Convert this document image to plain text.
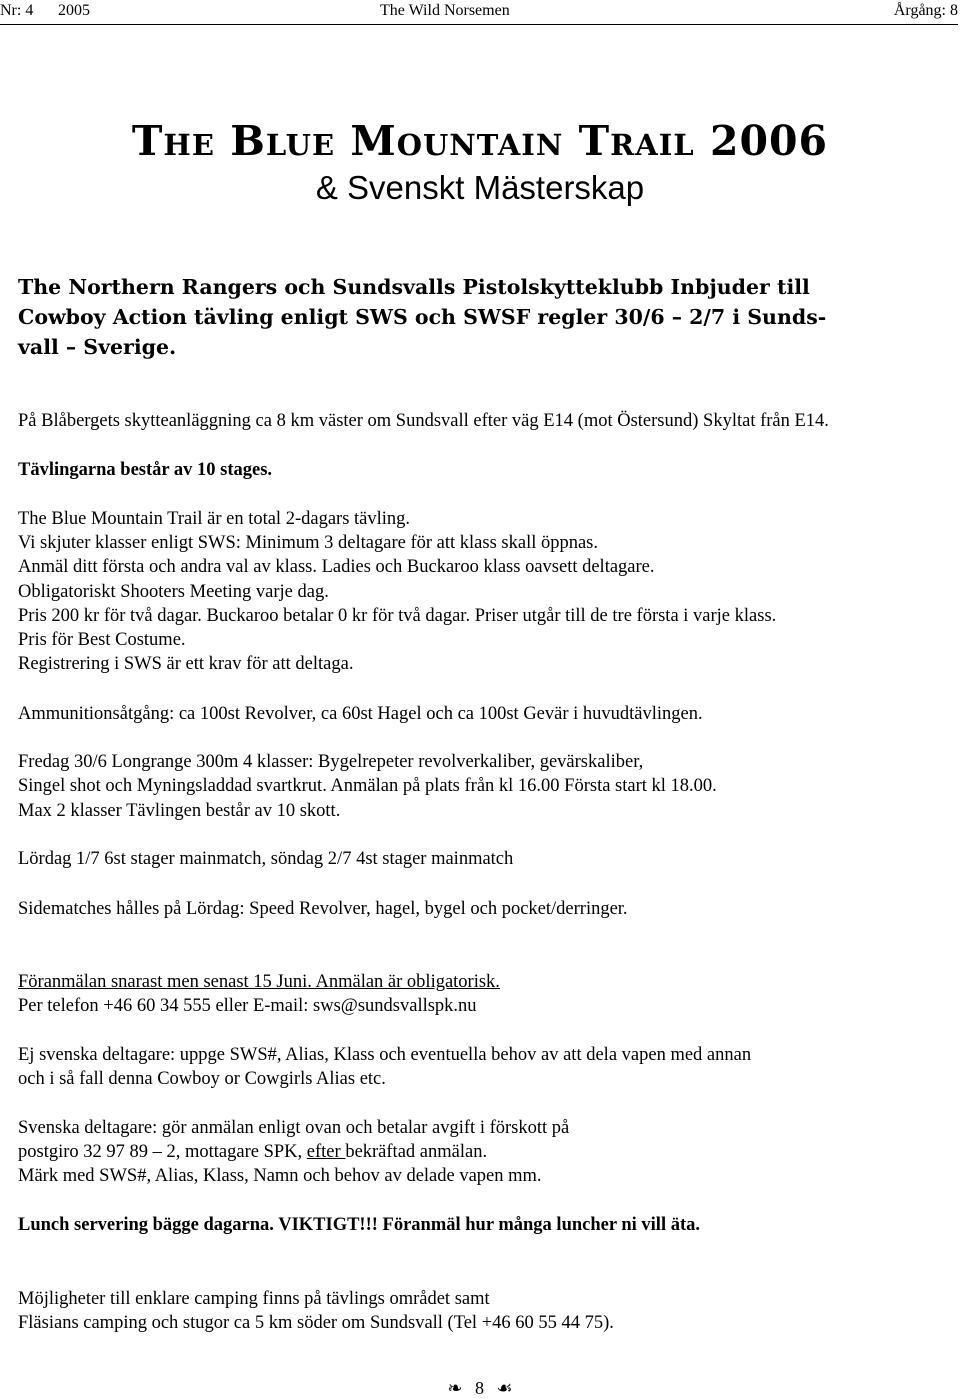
Nr: 4 2005	The Wild Norsemen	Årgång: 8
The Blue Mountain Trail 2006
& Svenskt Mästerskap
The Northern Rangers och Sundsvalls Pistolskytteklubb Inbjuder till
Cowboy Action tävling enligt SWS och SWSF regler 30/6 – 2/7 i Sunds-
vall – Sverige.
På Blåbergets skytteanläggning ca 8 km väster om Sundsvall efter väg E14 (mot Östersund) Skyltat från E14.
Tävlingarna består av 10 stages.
The Blue Mountain Trail är en total 2-dagars tävling.
Vi skjuter klasser enligt SWS: Minimum 3 deltagare för att klass skall öppnas.
Anmäl ditt första och andra val av klass. Ladies och Buckaroo klass oavsett deltagare.
Obligatoriskt Shooters Meeting varje dag.
Pris 200 kr för två dagar. Buckaroo betalar 0 kr för två dagar. Priser utgår till de tre första i varje klass.
Pris för Best Costume.
Registrering i SWS är ett krav för att deltaga.
Ammunitionsåtgång: ca 100st Revolver, ca 60st Hagel och ca 100st Gevär i huvudtävlingen.
Fredag 30/6 Longrange 300m 4 klasser: Bygelrepeter revolverkaliber, gevärskaliber,
Singel shot och Myningsladdad svartkrut. Anmälan på plats från kl 16.00 Första start kl 18.00.
Max 2 klasser Tävlingen består av 10 skott.
Lördag 1/7 6st stager mainmatch, söndag 2/7 4st stager mainmatch
Sidematches hålles på Lördag: Speed Revolver, hagel, bygel och pocket/derringer.
Föranmälan snarast men senast 15 Juni. Anmälan är obligatorisk.
Per telefon +46 60 34 555 eller E-mail: sws@sundsvallspk.nu
Ej svenska deltagare: uppge SWS#, Alias, Klass och eventuella behov av att dela vapen med annan
och i så fall denna Cowboy or Cowgirls Alias etc.
Svenska deltagare: gör anmälan enligt ovan och betalar avgift i förskott på
postgiro 32 97 89 – 2, mottagare SPK, efter bekräftad anmälan.
Märk med SWS#, Alias, Klass, Namn och behov av delade vapen mm.
Lunch servering bägge dagarna. VIKTIGT!!! Föranmäl hur många luncher ni vill äta.
Möjligheter till enklare camping finns på tävlings området samt
Fläsians camping och stugor ca 5 km söder om Sundsvall (Tel +46 60 55 44 75).
❧ 8 ☙
